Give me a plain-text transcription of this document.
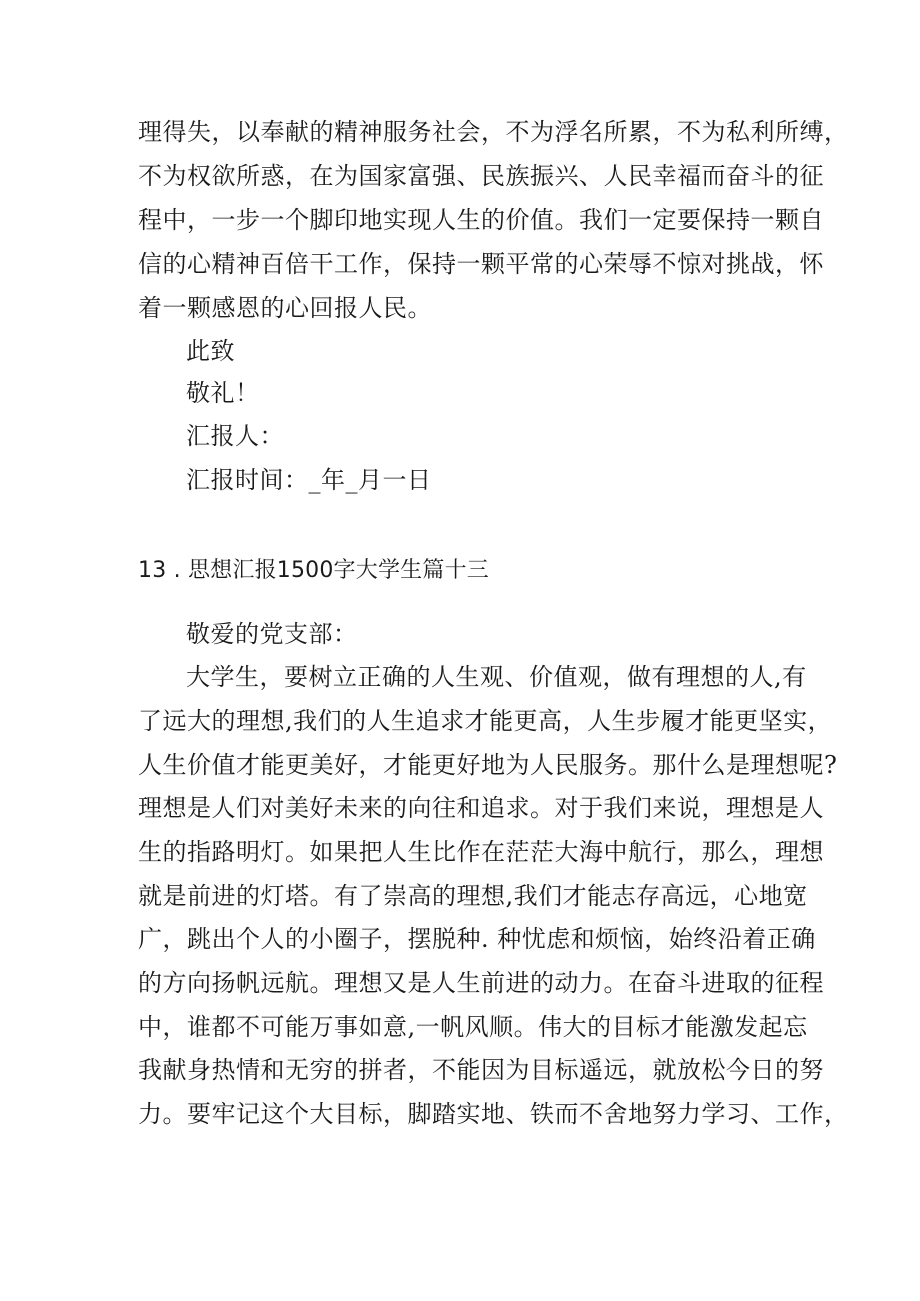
理得失，以奉献的精神服务社会，不为浮名所累，不为私利所缚，
不为权欲所惑，在为国家富强、民族振兴、人民幸福而奋斗的征
程中，一步一个脚印地实现人生的价值。我们一定要保持一颗自
信的心精神百倍干工作，保持一颗平常的心荣辱不惊对挑战，怀
着一颗感恩的心回报人民。
此致
敬礼！
汇报人：
汇报时间：_年_月一日
13 . 思想汇报1500字大学生篇十三
敬爱的党支部：
大学生，要树立正确的人生观、价值观，做有理想的人,有
了远大的理想,我们的人生追求才能更高，人生步履才能更坚实，
人生价值才能更美好，才能更好地为人民服务。那什么是理想呢?
理想是人们对美好未来的向往和追求。对于我们来说，理想是人
生的指路明灯。如果把人生比作在茫茫大海中航行，那么，理想
就是前进的灯塔。有了崇高的理想,我们才能志存高远，心地宽
广，跳出个人的小圈子，摆脱种. 种忧虑和烦恼，始终沿着正确
的方向扬帆远航。理想又是人生前进的动力。在奋斗进取的征程
中，谁都不可能万事如意,一帆风顺。伟大的目标才能激发起忘
我献身热情和无穷的拼者，不能因为目标遥远，就放松今日的努
力。要牢记这个大目标，脚踏实地、铁而不舍地努力学习、工作，
